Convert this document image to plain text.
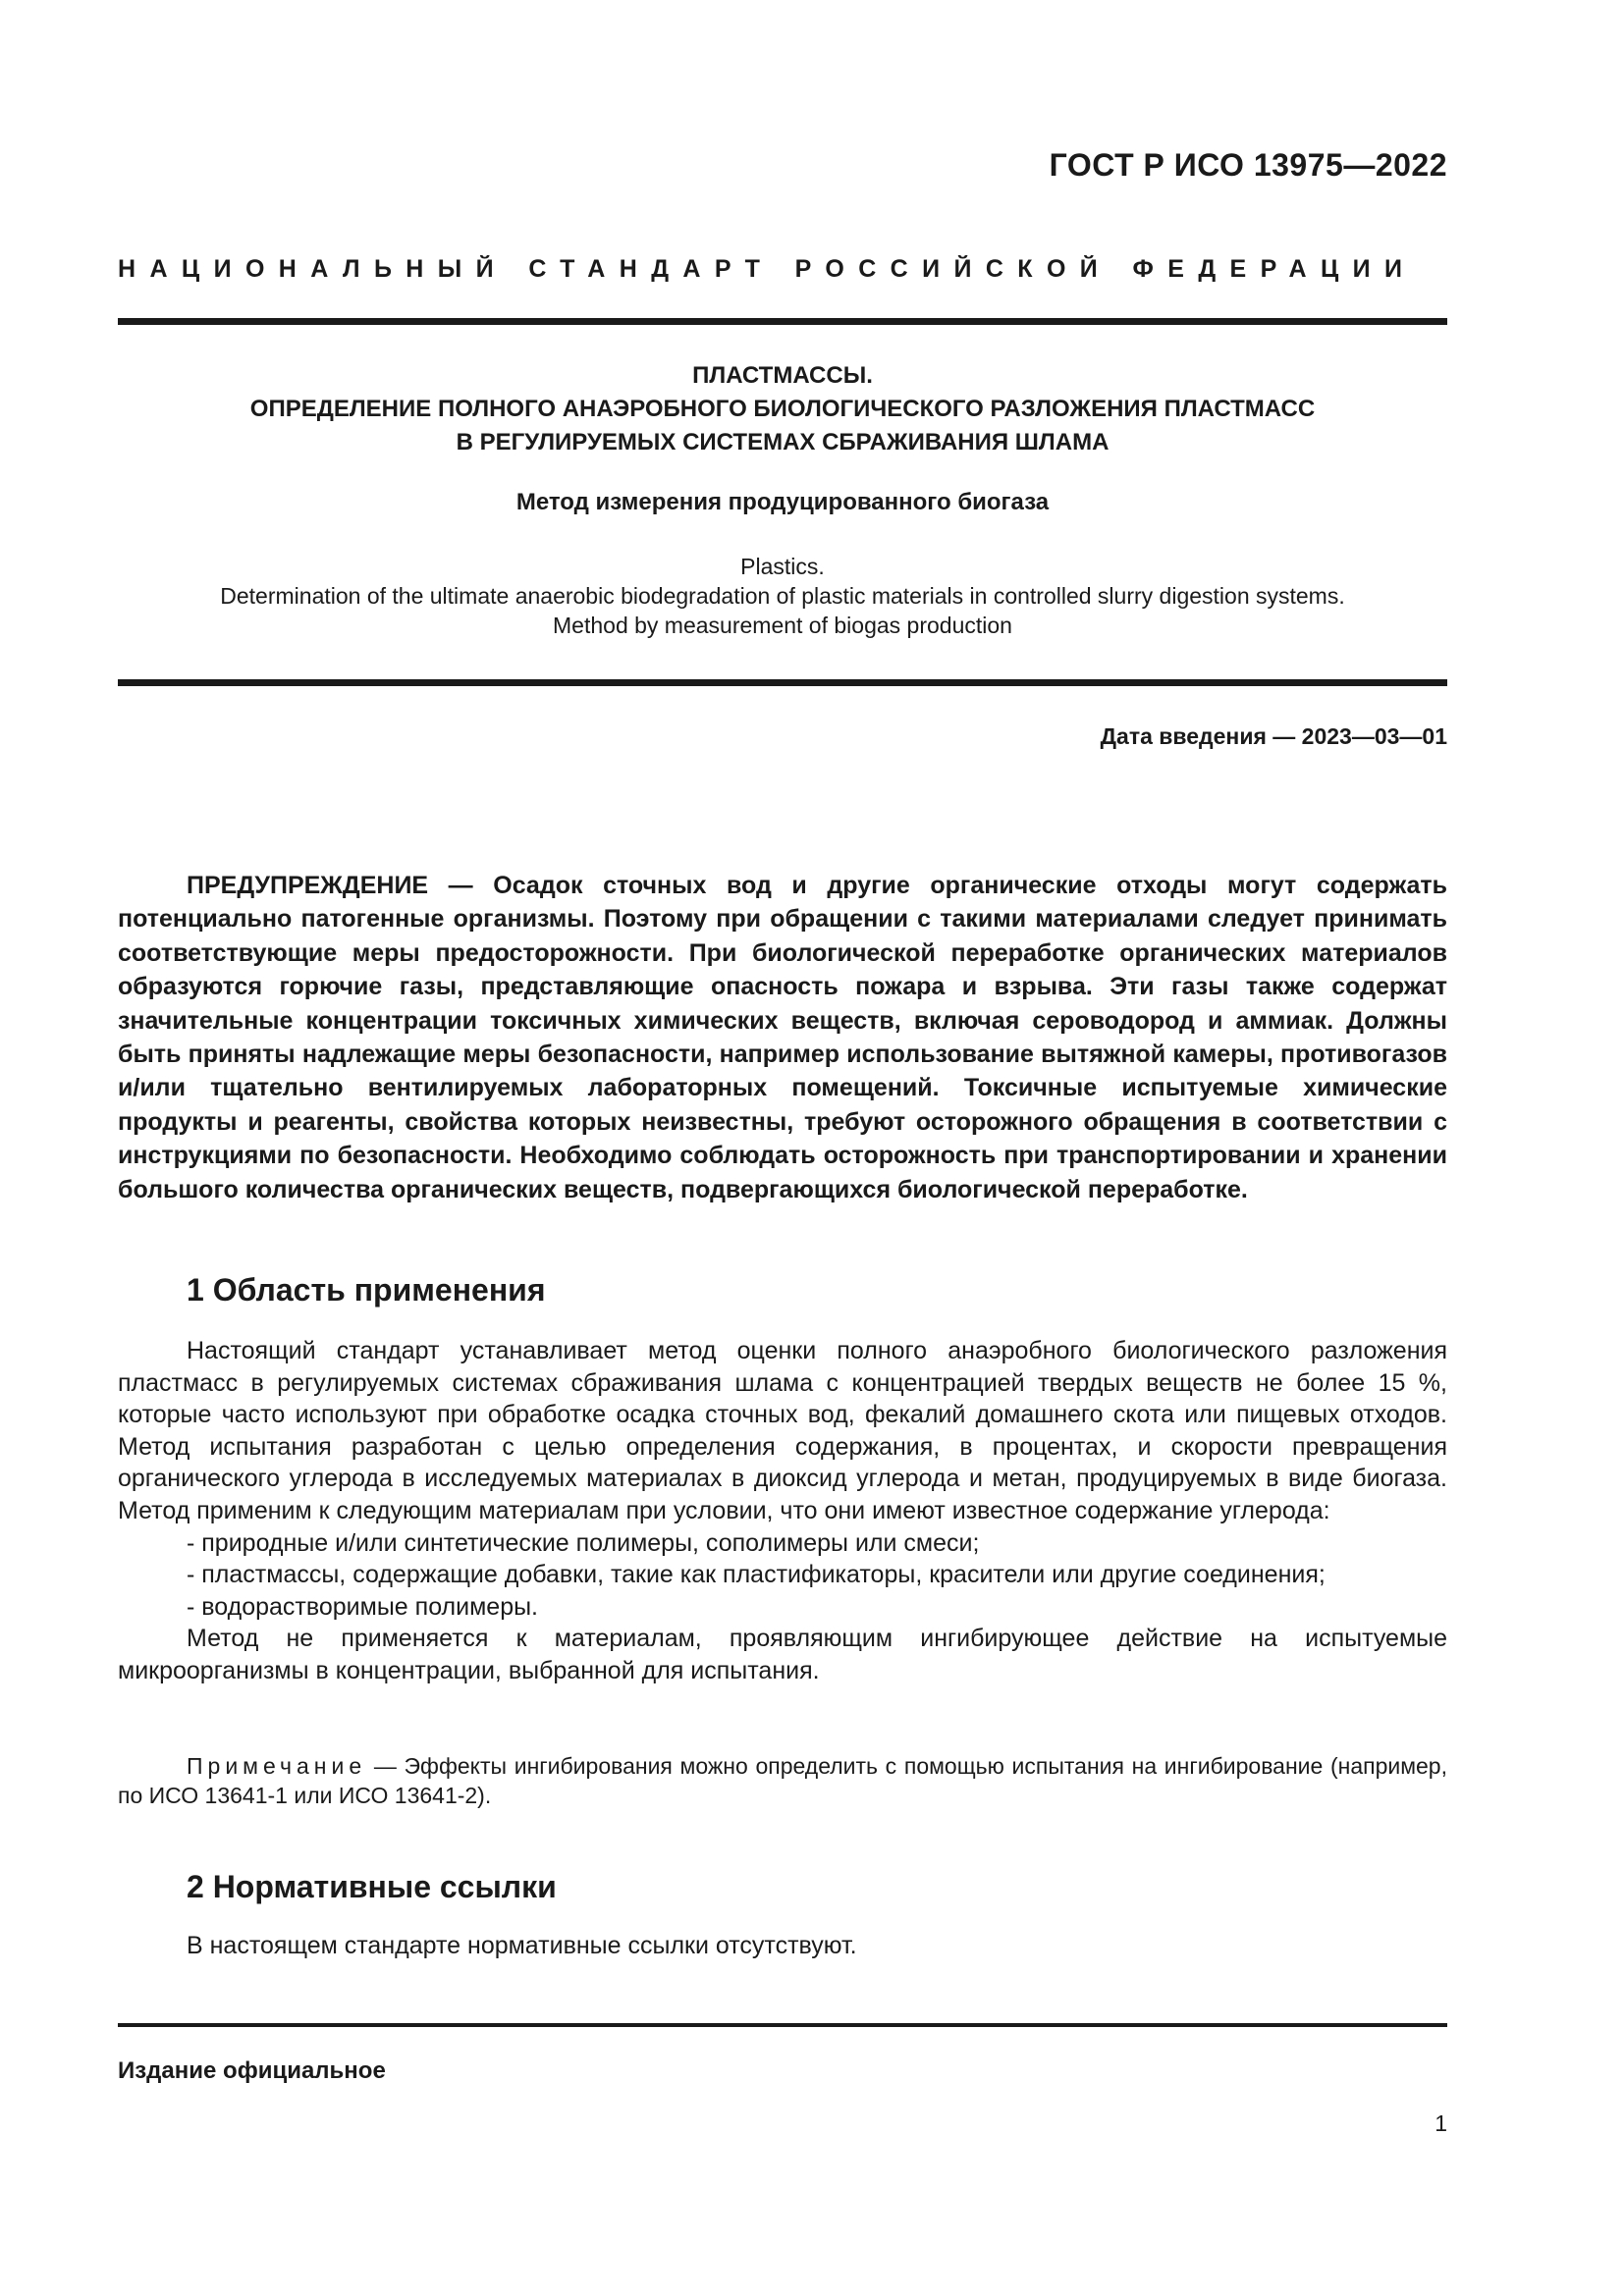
ГОСТ Р ИСО 13975—2022
НАЦИОНАЛЬНЫЙ СТАНДАРТ РОССИЙСКОЙ ФЕДЕРАЦИИ
ПЛАСТМАССЫ.
ОПРЕДЕЛЕНИЕ ПОЛНОГО АНАЭРОБНОГО БИОЛОГИЧЕСКОГО РАЗЛОЖЕНИЯ ПЛАСТМАСС
В РЕГУЛИРУЕМЫХ СИСТЕМАХ СБРАЖИВАНИЯ ШЛАМА
Метод измерения продуцированного биогаза
Plastics.
Determination of the ultimate anaerobic biodegradation of plastic materials in controlled slurry digestion systems.
Method by measurement of biogas production
Дата введения — 2023—03—01
ПРЕДУПРЕЖДЕНИЕ — Осадок сточных вод и другие органические отходы могут содержать потенциально патогенные организмы. Поэтому при обращении с такими материалами следует принимать соответствующие меры предосторожности. При биологической переработке органических материалов образуются горючие газы, представляющие опасность пожара и взрыва. Эти газы также содержат значительные концентрации токсичных химических веществ, включая сероводород и аммиак. Должны быть приняты надлежащие меры безопасности, например использование вытяжной камеры, противогазов и/или тщательно вентилируемых лабораторных помещений. Токсичные испытуемые химические продукты и реагенты, свойства которых неизвестны, требуют осторожного обращения в соответствии с инструкциями по безопасности. Необходимо соблюдать осторожность при транспортировании и хранении большого количества органических веществ, подвергающихся биологической переработке.
1 Область применения

Настоящий стандарт устанавливает метод оценки полного анаэробного биологического разложения пластмасс в регулируемых системах сбраживания шлама с концентрацией твердых веществ не более 15 %, которые часто используют при обработке осадка сточных вод, фекалий домашнего скота или пищевых отходов. Метод испытания разработан с целью определения содержания, в процентах, и скорости превращения органического углерода в исследуемых материалах в диоксид углерода и метан, продуцируемых в виде биогаза. Метод применим к следующим материалам при условии, что они имеют известное содержание углерода:

- природные и/или синтетические полимеры, сополимеры или смеси;
- пластмассы, содержащие добавки, такие как пластификаторы, красители или другие соединения;
- водорастворимые полимеры.

Метод не применяется к материалам, проявляющим ингибирующее действие на испытуемые микроорганизмы в концентрации, выбранной для испытания.

Примечание — Эффекты ингибирования можно определить с помощью испытания на ингибирование (например, по ИСО 13641-1 или ИСО 13641-2).
2 Нормативные ссылки
В настоящем стандарте нормативные ссылки отсутствуют.
Издание официальное
1
